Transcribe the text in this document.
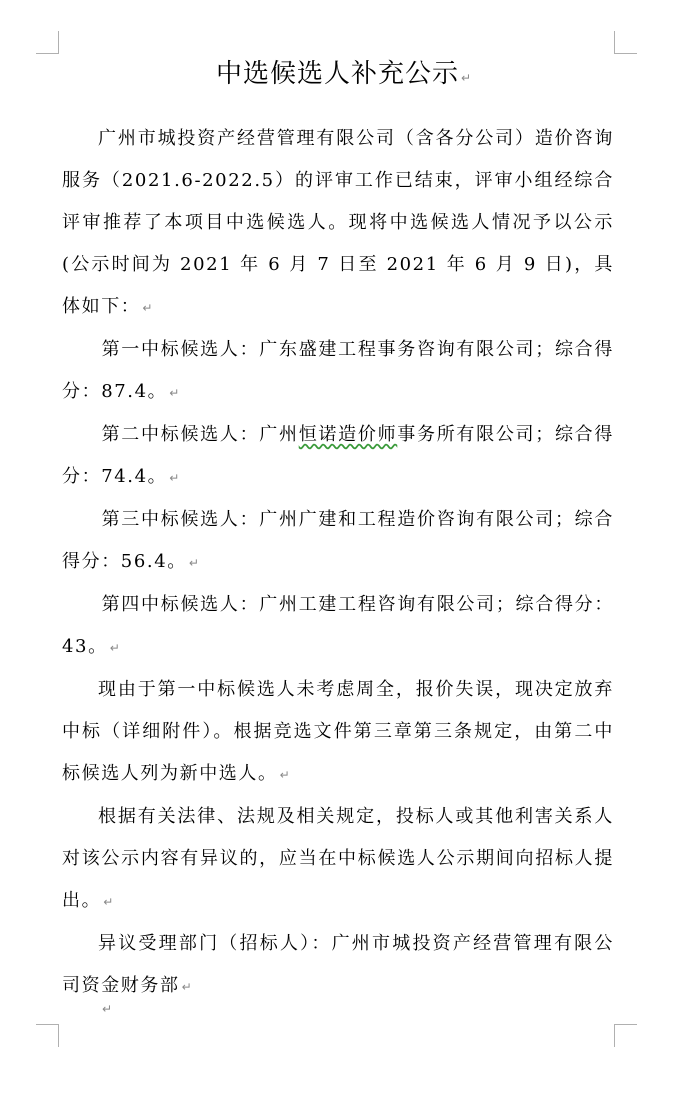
中选候选人补充公示 ↵

广州市城投资产经营管理有限公司（含各分公司）造价咨询服务（2021.6-2022.5）的评审工作已结束，评审小组经综合评审推荐了本项目中选候选人。现将中选候选人情况予以公示(公示时间为 2021 年 6 月 7 日至 2021 年 6 月 9 日)，具体如下： ↵

第一中标候选人：广东盛建工程事务咨询有限公司；综合得分：87.4。 ↵

第二中标候选人：广州恒诺造价师事务所有限公司；综合得分：74.4。 ↵

第三中标候选人：广州广建和工程造价咨询有限公司；综合得分：56.4。 ↵

第四中标候选人：广州工建工程咨询有限公司；综合得分：43。 ↵

现由于第一中标候选人未考虑周全，报价失误，现决定放弃中标（详细附件）。根据竞选文件第三章第三条规定，由第二中标候选人列为新中选人。 ↵

根据有关法律、法规及相关规定，投标人或其他利害关系人对该公示内容有异议的，应当在中标候选人公示期间向招标人提出。 ↵

异议受理部门（招标人）：广州市城投资产经营管理有限公司资金财务部 ↵

↵
